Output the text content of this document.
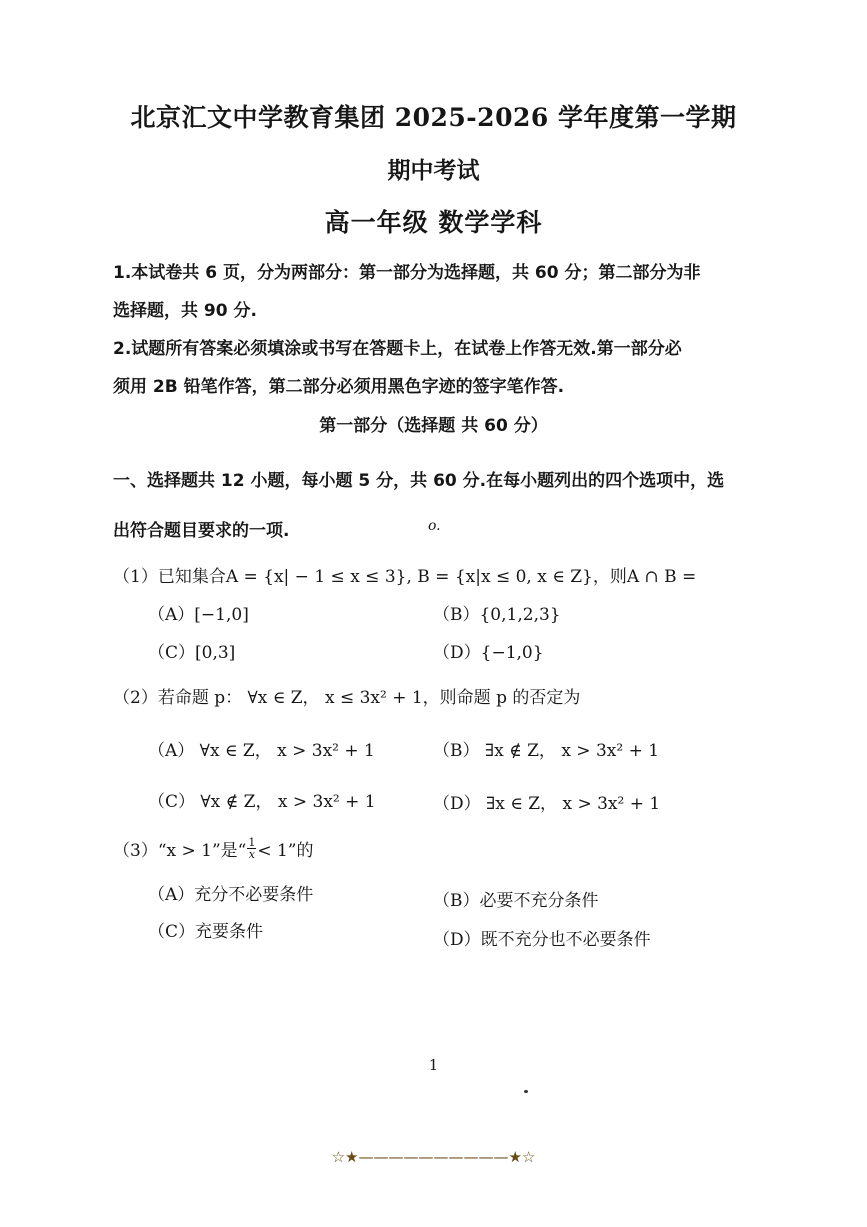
北京汇文中学教育集团 2025-2026 学年度第一学期
期中考试
高一年级 数学学科
1.本试卷共 6 页，分为两部分：第一部分为选择题，共 60 分；第二部分为非
选择题，共 90 分.
2.试题所有答案必须填涂或书写在答题卡上，在试卷上作答无效.第一部分必
须用 2B 铅笔作答，第二部分必须用黑色字迹的签字笔作答.
第一部分（选择题 共 60 分）
一、选择题共 12 小题，每小题 5 分，共 60 分.在每小题列出的四个选项中，选
出符合题目要求的一项.	o.
（1）已知集合A = {x| − 1 ≤ x ≤ 3}, B = {x|x ≤ 0, x ∈ Z}，则A ∩ B =
（A）[−1,0]	（B）{0,1,2,3}
（C）[0,3]	（D）{−1,0}
（2）若命题 p： ∀x ∈ Z， x ≤ 3x² + 1，则命题 p 的否定为
（A） ∀x ∈ Z， x > 3x² + 1	（B） ∃x ∉ Z， x > 3x² + 1
（C） ∀x ∉ Z， x > 3x² + 1	（D） ∃x ∈ Z， x > 3x² + 1
（3）“x > 1”是“ $\frac{1}{x} < 1$”的
（A）充分不必要条件	（B）必要不充分条件
（C）充要条件	（D）既不充分也不必要条件
1
☆★——————————★☆
